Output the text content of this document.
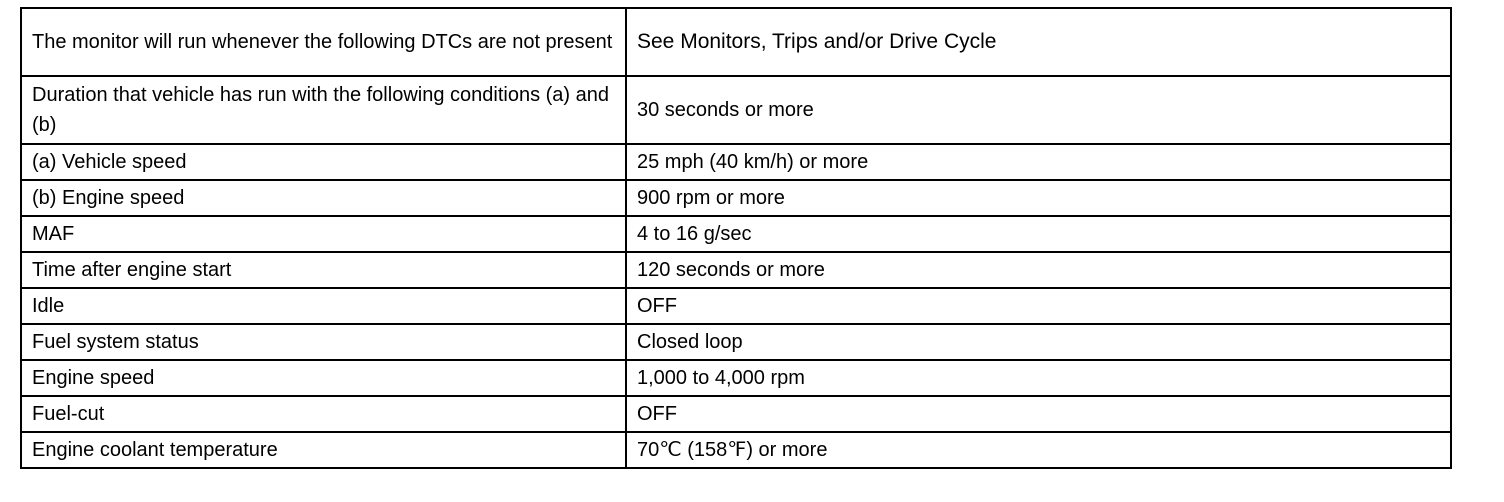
The monitor will run whenever the following DTCs are not present	See Monitors, Trips and/or Drive Cycle
Duration that vehicle has run with the following conditions (a) and (b)	30 seconds or more
(a) Vehicle speed	25 mph (40 km/h) or more
(b) Engine speed	900 rpm or more
MAF	4 to 16 g/sec
Time after engine start	120 seconds or more
Idle	OFF
Fuel system status	Closed loop
Engine speed	1,000 to 4,000 rpm
Fuel-cut	OFF
Engine coolant temperature	70℃ (158℉) or more
